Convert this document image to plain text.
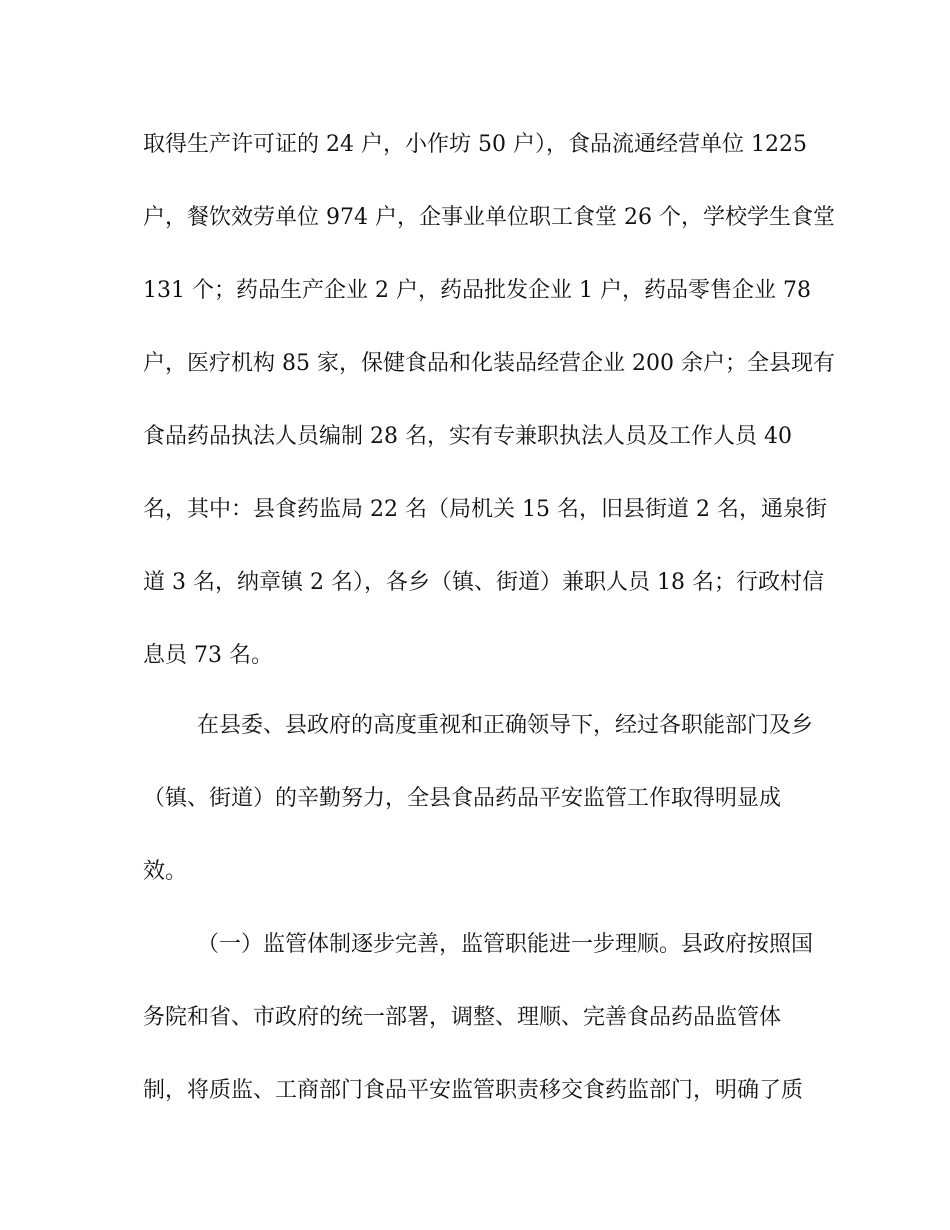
取得生产许可证的 24 户，小作坊 50 户），食品流通经营单位 1225
户，餐饮效劳单位 974 户，企事业单位职工食堂 26 个，学校学生食堂
131 个；药品生产企业 2 户，药品批发企业 1 户，药品零售企业 78
户，医疗机构 85 家，保健食品和化装品经营企业 200 余户；全县现有
食品药品执法人员编制 28 名，实有专兼职执法人员及工作人员 40
名，其中：县食药监局 22 名（局机关 15 名，旧县街道 2 名，通泉街
道 3 名，纳章镇 2 名），各乡（镇、街道）兼职人员 18 名；行政村信
息员 73 名。
在县委、县政府的高度重视和正确领导下，经过各职能部门及乡
（镇、街道）的辛勤努力，全县食品药品平安监管工作取得明显成
效。
（一）监管体制逐步完善，监管职能进一步理顺。县政府按照国
务院和省、市政府的统一部署，调整、理顺、完善食品药品监管体
制，将质监、工商部门食品平安监管职责移交食药监部门，明确了质
